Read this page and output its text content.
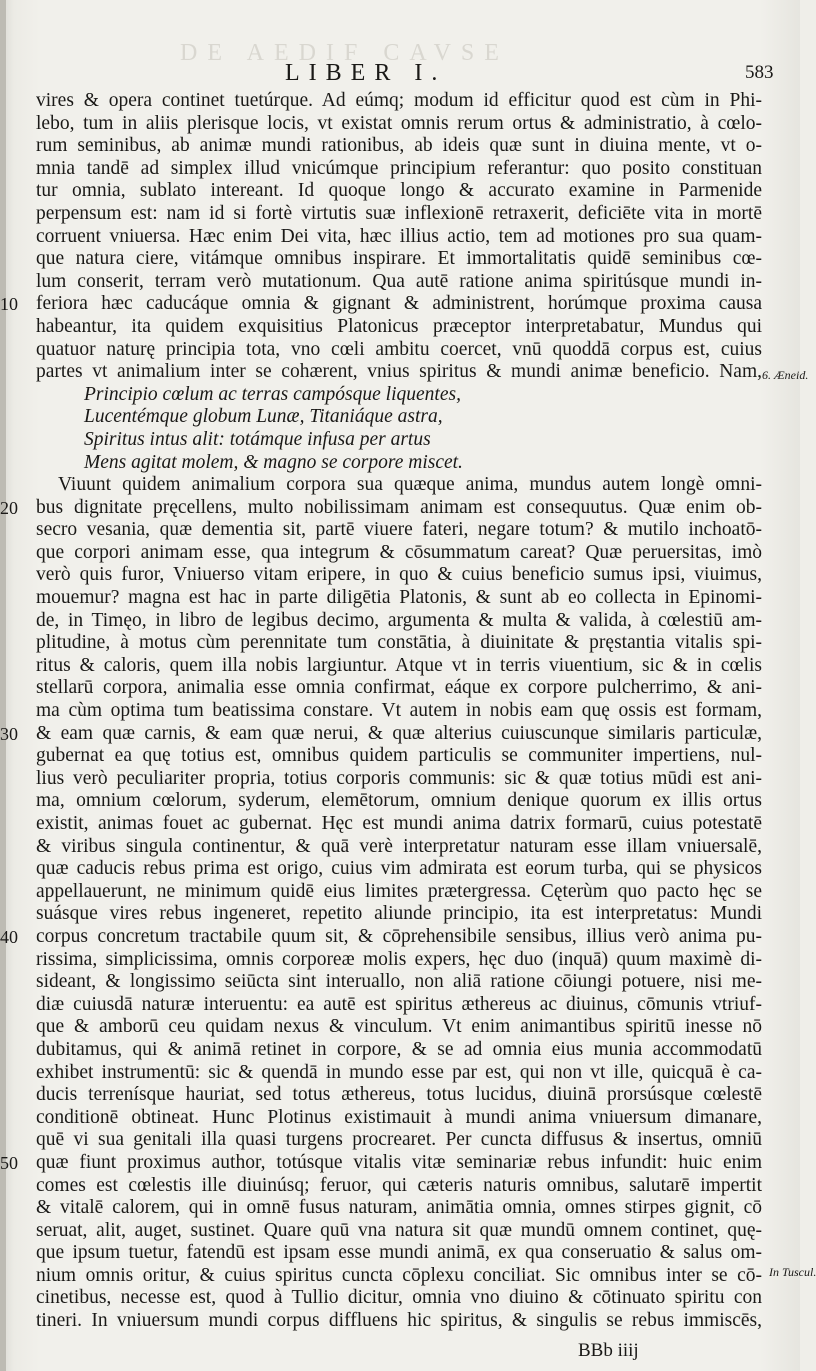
DE AEDIF CAVSE
LIBER I.	583
vires & opera continet tuetúrque. Ad eúmq; modum id efficitur quod est cùm in Phi-
lebo, tum in aliis plerisque locis, vt existat omnis rerum ortus & administratio, à cœlo-
rum seminibus, ab animæ mundi rationibus, ab ideis quæ sunt in diuina mente, vt o-
mnia tandē ad simplex illud vnicúmque principium referantur: quo posito constituan
tur omnia, sublato intereant. Id quoque longo & accurato examine in Parmenide
perpensum est: nam id si fortè virtutis suæ inflexionē retraxerit, deficiēte vita in mortē
corruent vniuersa. Hæc enim Dei vita, hæc illius actio, tem ad motiones pro sua quam-
que natura ciere, vitámque omnibus inspirare. Et immortalitatis quidē seminibus cœ-
lum conserit, terram verò mutationum. Qua autē ratione anima spiritúsque mundi in-
feriora hæc caducáque omnia & gignant & administrent, horúmque proxima causa
10
habeantur, ita quidem exquisitius Platonicus præceptor interpretabatur, Mundus qui
quatuor naturę principia tota, vno cœli ambitu coercet, vnū quoddā corpus est, cuius
partes vt animalium inter se cohærent, vnius spiritus & mundi animæ beneficio. Nam,
Principio cœlum ac terras campósque liquentes,
Lucentémque globum Lunæ, Titaniáque astra,
Spiritus intus alit: totámque infusa per artus
Mens agitat molem, & magno se corpore miscet.
Viuunt quidem animalium corpora sua quæque anima, mundus autem longè omni-
bus dignitate pręcellens, multo nobilissimam animam est consequutus. Quæ enim ob-
20
secro vesania, quæ dementia sit, partē viuere fateri, negare totum? & mutilo inchoatō-
que corpori animam esse, qua integrum & cōsummatum careat? Quæ peruersitas, imò
verò quis furor, Vniuerso vitam eripere, in quo & cuius beneficio sumus ipsi, viuimus,
mouemur? magna est hac in parte diligētia Platonis, & sunt ab eo collecta in Epinomi-
de, in Timęo, in libro de legibus decimo, argumenta & multa & valida, à cœlestiū am-
plitudine, à motus cùm perennitate tum constātia, à diuinitate & pręstantia vitalis spi-
ritus & caloris, quem illa nobis largiuntur. Atque vt in terris viuentium, sic & in cœlis
stellarū corpora, animalia esse omnia confirmat, eáque ex corpore pulcherrimo, & ani-
ma cùm optima tum beatissima constare. Vt autem in nobis eam quę ossis est formam,
& eam quæ carnis, & eam quæ nerui, & quæ alterius cuiuscunque similaris particulæ,
30
gubernat ea quę totius est, omnibus quidem particulis se communiter impertiens, nul-
lius verò peculiariter propria, totius corporis communis: sic & quæ totius mūdi est ani-
ma, omnium cœlorum, syderum, elemētorum, omnium denique quorum ex illis ortus
existit, animas fouet ac gubernat. Hęc est mundi anima datrix formarū, cuius potestatē
& viribus singula continentur, & quā verè interpretatur naturam esse illam vniuersalē,
quæ caducis rebus prima est origo, cuius vim admirata est eorum turba, qui se physicos
appellauerunt, ne minimum quidē eius limites prætergressa. Cęterùm quo pacto hęc se
suásque vires rebus ingeneret, repetito aliunde principio, ita est interpretatus: Mundi
corpus concretum tractabile quum sit, & cōprehensibile sensibus, illius verò anima pu-
40
rissima, simplicissima, omnis corporeæ molis expers, hęc duo (inquā) quum maximè di-
sideant, & longissimo seiūcta sint interuallo, non aliā ratione cōiungi potuere, nisi me-
diæ cuiusdā naturæ interuentu: ea autē est spiritus æthereus ac diuinus, cōmunis vtriuf-
que & amborū ceu quidam nexus & vinculum. Vt enim animantibus spiritū inesse nō
dubitamus, qui & animā retinet in corpore, & se ad omnia eius munia accommodatū
exhibet instrumentū: sic & quendā in mundo esse par est, qui non vt ille, quicquā è ca-
ducis terrenísque hauriat, sed totus æthereus, totus lucidus, diuinā prorsúsque cœlestē
conditionē obtineat. Hunc Plotinus existimauit à mundi anima vniuersum dimanare,
quē vi sua genitali illa quasi turgens procrearet. Per cuncta diffusus & insertus, omniū
quæ fiunt proximus author, totúsque vitalis vitæ seminariæ rebus infundit: huic enim
50
comes est cœlestis ille diuinúsq; feruor, qui cæteris naturis omnibus, salutarē impertit
& vitalē calorem, qui in omnē fusus naturam, animātia omnia, omnes stirpes gignit, cō
seruat, alit, auget, sustinet. Quare quū vna natura sit quæ mundū omnem continet, quę-
que ipsum tuetur, fatendū est ipsam esse mundi animā, ex qua conseruatio & salus om-
nium omnis oritur, & cuius spiritus cuncta cōplexu conciliat. Sic omnibus inter se cō-
cinetibus, necesse est, quod à Tullio dicitur, omnia vno diuino & cōtinuato spiritu con
tineri. In vniuersum mundi corpus diffluens hic spiritus, & singulis se rebus immiscēs,
6. Æneid.
In Tuscul.
BBb iiij
